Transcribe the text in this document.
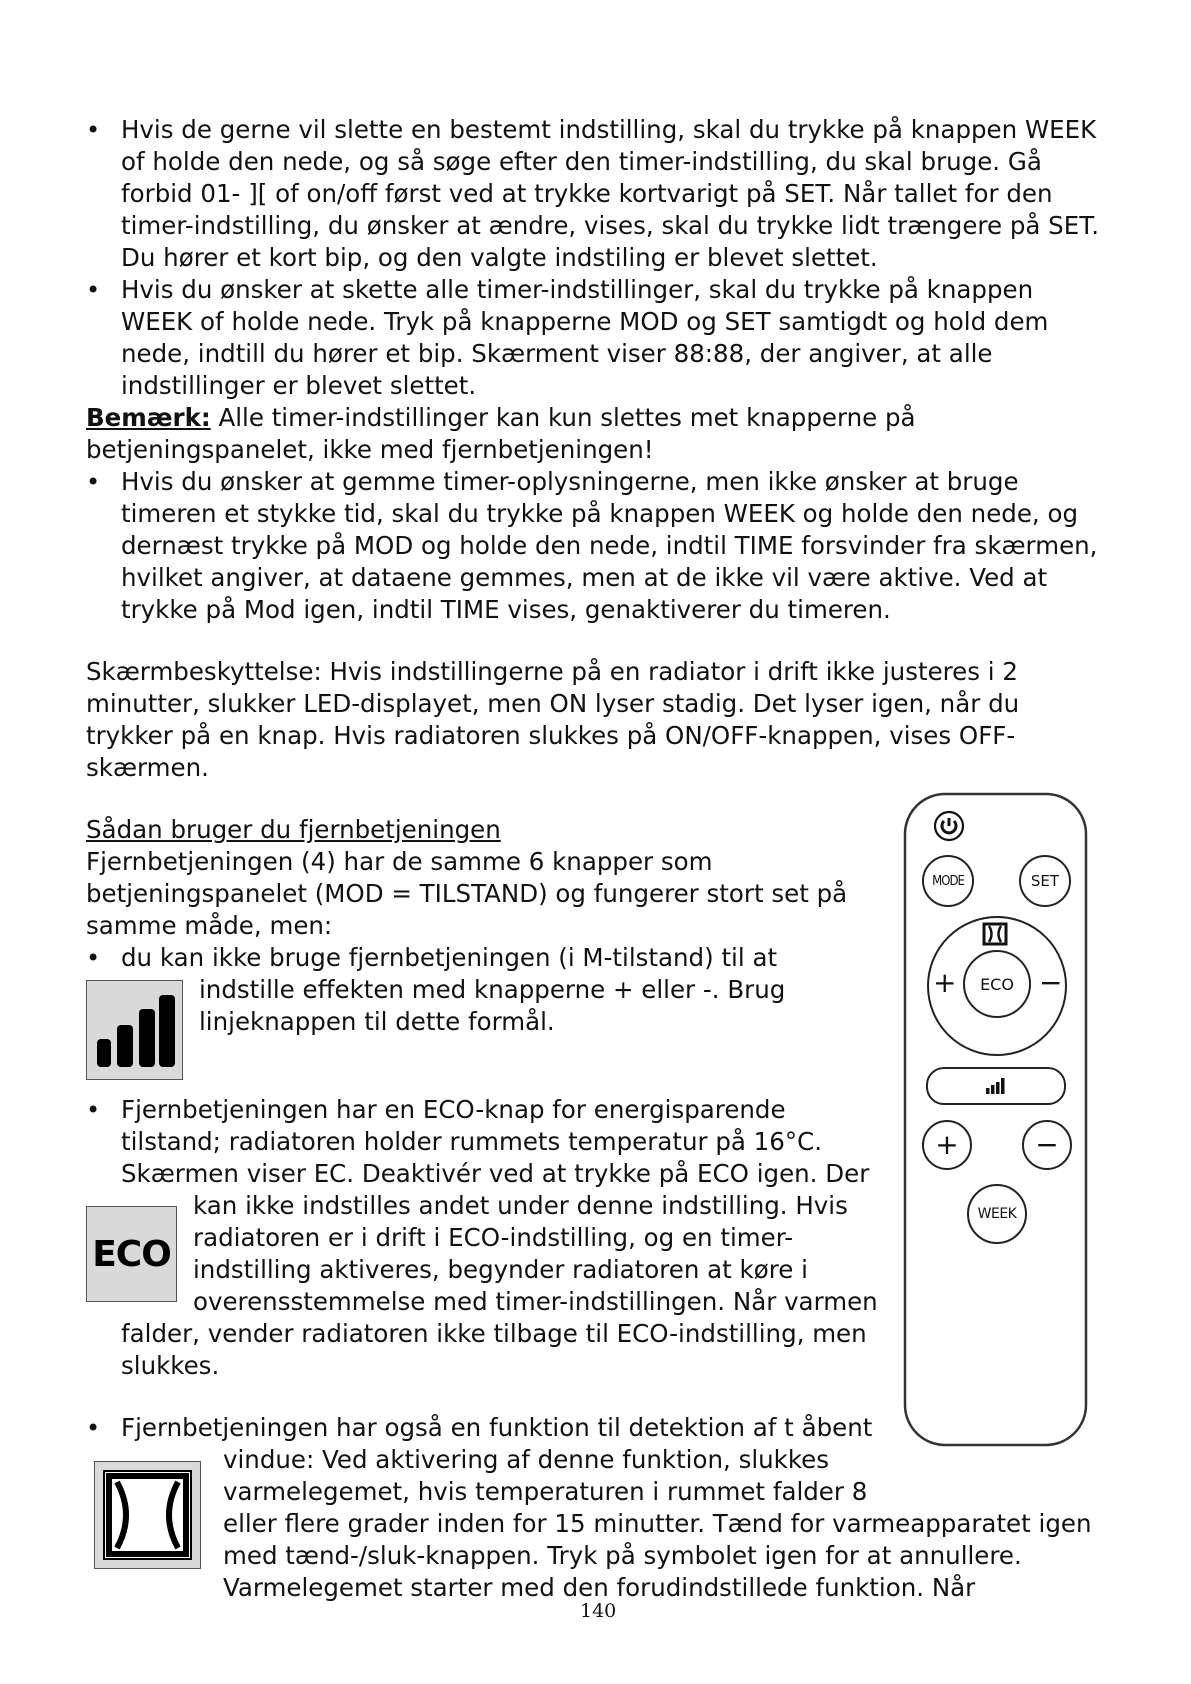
• Hvis de gerne vil slette en bestemt indstilling, skal du trykke på knappen WEEK
of holde den nede, og så søge efter den timer-indstilling, du skal bruge. Gå
forbid 01- ][ of on/off først ved at trykke kortvarigt på SET. Når tallet for den
timer-indstilling, du ønsker at ændre, vises, skal du trykke lidt trængere på SET.
Du hører et kort bip, og den valgte indstiling er blevet slettet.
• Hvis du ønsker at skette alle timer-indstillinger, skal du trykke på knappen
WEEK of holde nede. Tryk på knapperne MOD og SET samtigdt og hold dem
nede, indtill du hører et bip. Skærment viser 88:88, der angiver, at alle
indstillinger er blevet slettet.
Bemærk: Alle timer-indstillinger kan kun slettes met knapperne på
betjeningspanelet, ikke med fjernbetjeningen!
• Hvis du ønsker at gemme timer-oplysningerne, men ikke ønsker at bruge
timeren et stykke tid, skal du trykke på knappen WEEK og holde den nede, og
dernæst trykke på MOD og holde den nede, indtil TIME forsvinder fra skærmen,
hvilket angiver, at dataene gemmes, men at de ikke vil være aktive. Ved at
trykke på Mod igen, indtil TIME vises, genaktiverer du timeren.
Skærmbeskyttelse: Hvis indstillingerne på en radiator i drift ikke justeres i 2
minutter, slukker LED-displayet, men ON lyser stadig. Det lyser igen, når du
trykker på en knap. Hvis radiatoren slukkes på ON/OFF-knappen, vises OFF-
skærmen.
Sådan bruger du fjernbetjeningen
Fjernbetjeningen (4) har de samme 6 knapper som
betjeningspanelet (MOD = TILSTAND) og fungerer stort set på
samme måde, men:
• du kan ikke bruge fjernbetjeningen (i M-tilstand) til at
indstille effekten med knapperne + eller -. Brug
linjeknappen til dette formål.
• Fjernbetjeningen har en ECO-knap for energisparende
tilstand; radiatoren holder rummets temperatur på 16°C.
Skærmen viser EC. Deaktivér ved at trykke på ECO igen. Der
kan ikke indstilles andet under denne indstilling. Hvis
radiatoren er i drift i ECO-indstilling, og en timer-
indstilling aktiveres, begynder radiatoren at køre i
overensstemmelse med timer-indstillingen. Når varmen
falder, vender radiatoren ikke tilbage til ECO-indstilling, men
slukkes.
ECO
• Fjernbetjeningen har også en funktion til detektion af t åbent
vindue: Ved aktivering af denne funktion, slukkes
varmelegemet, hvis temperaturen i rummet falder 8
eller flere grader inden for 15 minutter. Tænd for varmeapparatet igen
med tænd-/sluk-knappen. Tryk på symbolet igen for at annullere.
Varmelegemet starter med den forudindstillede funktion. Når
MODE	SET
+	−
ECO
+	−
WEEK
140
